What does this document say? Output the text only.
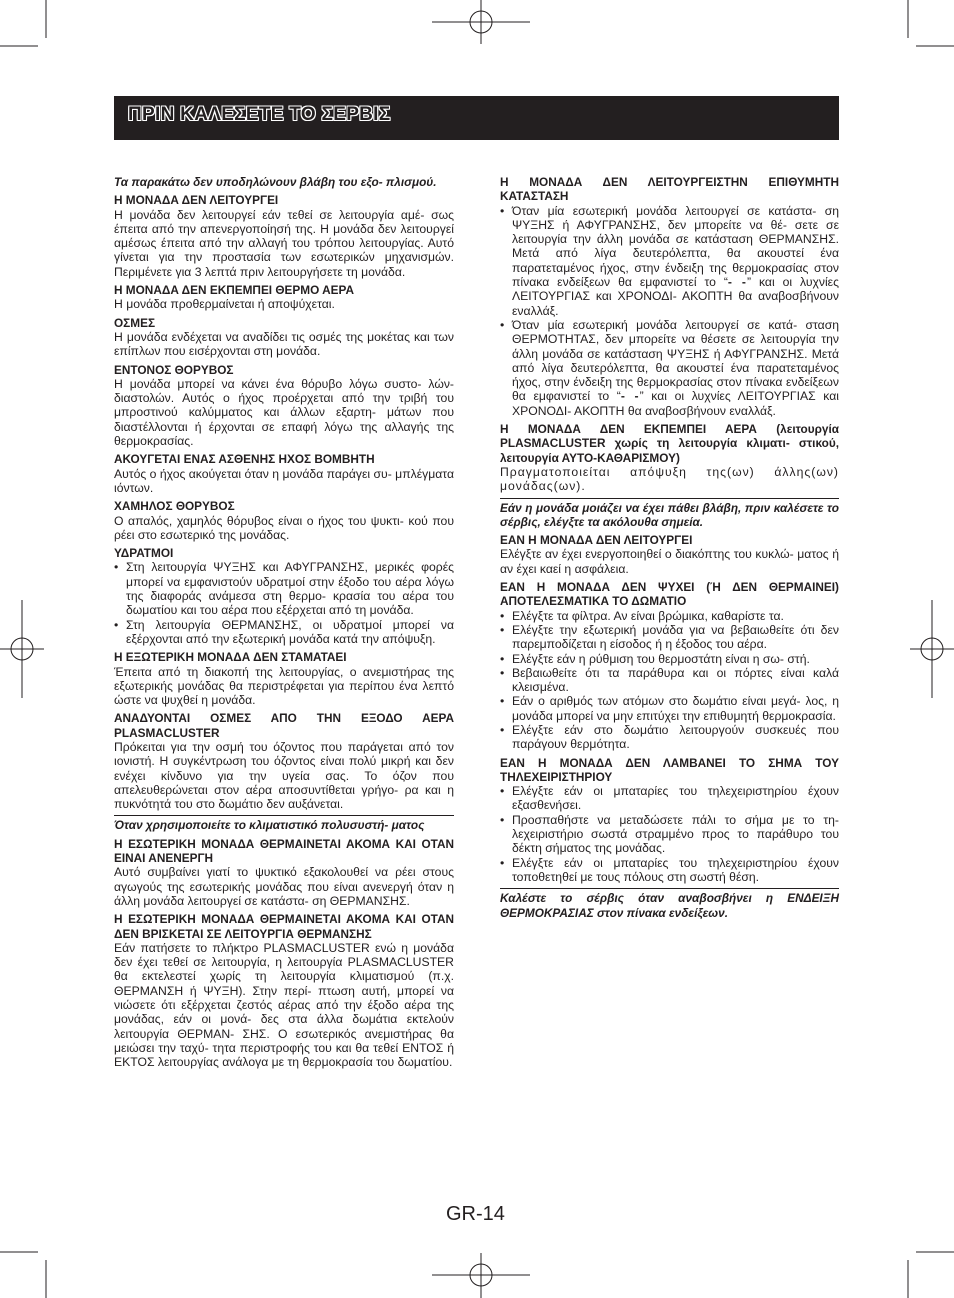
ΠΡΙΝ ΚΑΛΕΣΕΤΕ ΤΟ ΣΕΡΒΙΣ

Τα παρακάτω δεν υποδηλώνουν βλάβη του εξο- πλισμού.

Η ΜΟΝΑΔΑ ΔΕΝ ΛΕΙΤΟΥΡΓΕΙ

Η μονάδα δεν λειτουργεί εάν τεθεί σε λειτουργία αμέ- σως έπειτα από την απενεργοποίησή της. Η μονάδα δεν λειτουργεί αμέσως έπειτα από την αλλαγή του τρόπου λειτουργίας. Αυτό γίνεται για την προστασία των εσωτερικών μηχανισμών. Περιμένετε για 3 λεπτά πριν λειτουργήσετε τη μονάδα.

Η ΜΟΝΑΔΑ ΔΕΝ ΕΚΠΕΜΠΕΙ ΘΕΡΜΟ ΑΕΡΑ

Η μονάδα προθερμαίνεται ή αποψύχεται.

ΟΣΜΕΣ

Η μονάδα ενδέχεται να αναδίδει τις οσμές της μοκέτας και των επίπλων που εισέρχονται στη μονάδα.

ΕΝΤΟΝΟΣ ΘΟΡΥΒΟΣ

Η μονάδα μπορεί να κάνει ένα θόρυβο λόγω συστο- λών-διαστολών. Αυτός ο ήχος προέρχεται από την τριβή του μπροστινού καλύμματος και άλλων εξαρτη- μάτων που διαστέλλονται ή έρχονται σε επαφή λόγω της αλλαγής της θερμοκρασίας.

ΑΚΟΥΓΕΤΑΙ ΕΝΑΣ ΑΣΘΕΝΗΣ ΗΧΟΣ ΒΟΜΒΗΤΗ

Αυτός ο ήχος ακούγεται όταν η μονάδα παράγει συ- μπλέγματα ιόντων.

ΧΑΜΗΛΟΣ ΘΟΡΥΒΟΣ

Ο απαλός, χαμηλός θόρυβος είναι ο ήχος του ψυκτι- κού που ρέει στο εσωτερικό της μονάδας.

ΥΔΡΑΤΜΟΙ

• Στη λειτουργία ΨΥΞΗΣ και ΑΦΥΓΡΑΝΣΗΣ, μερικές φορές μπορεί να εμφανιστούν υδρατμοί στην έξοδο του αέρα λόγω της διαφοράς ανάμεσα στη θερμο- κρασία του αέρα του δωματίου και του αέρα που εξέρχεται από τη μονάδα.
• Στη λειτουργία ΘΕΡΜΑΝΣΗΣ, οι υδρατμοί μπορεί να εξέρχονται από την εξωτερική μονάδα κατά την απόψυξη.

Η ΕΞΩΤΕΡΙΚΗ ΜΟΝΑΔΑ ΔΕΝ ΣΤΑΜΑΤΑΕΙ

Έπειτα από τη διακοπή της λειτουργίας, ο ανεμιστήρας της εξωτερικής μονάδας θα περιστρέφεται για περίπου ένα λεπτό ώστε να ψυχθεί η μονάδα.

ΑΝΑΔΥΟΝΤΑΙ ΟΣΜΕΣ ΑΠΟ ΤΗΝ ΕΞΟΔΟ ΑΕΡΑ PLASMACLUSTER

Πρόκειται για την οσμή του όζοντος που παράγεται από τον ιονιστή. Η συγκέντρωση του όζοντος είναι πολύ μικρή και δεν ενέχει κίνδυνο για την υγεία σας. Το όζον που απελευθερώνεται στον αέρα αποσυντίθεται γρήγο- ρα και η πυκνότητά του στο δωμάτιο δεν αυξάνεται.

Όταν χρησιμοποιείτε το κλιματιστικό πολυσυστή- ματος

Η ΕΣΩΤΕΡΙΚΗ ΜΟΝΑΔΑ ΘΕΡΜΑΙΝΕΤΑΙ ΑΚΟΜΑ ΚΑΙ ΟΤΑΝ ΕΙΝΑΙ ΑΝΕΝΕΡΓΗ

Αυτό συμβαίνει γιατί το ψυκτικό εξακολουθεί να ρέει στους αγωγούς της εσωτερικής μονάδας που είναι ανενεργή όταν η άλλη μονάδα λειτουργεί σε κατάστα- ση ΘΕΡΜΑΝΣΗΣ.

Η ΕΣΩΤΕΡΙΚΗ ΜΟΝΑΔΑ ΘΕΡΜΑΙΝΕΤΑΙ ΑΚΟΜΑ ΚΑΙ ΟΤΑΝ ΔΕΝ ΒΡΙΣΚΕΤΑΙ ΣΕ ΛΕΙΤΟΥΡΓΙΑ ΘΕΡΜΑΝΣΗΣ

Εάν πατήσετε το πλήκτρο PLASMACLUSTER ενώ η μονάδα δεν έχει τεθεί σε λειτουργία, η λειτουργία PLASMACLUSTER θα εκτελεστεί χωρίς τη λειτουργία κλιματισμού (π.χ. ΘΕΡΜΑΝΣΗ ή ΨΥΞΗ). Στην περί- πτωση αυτή, μπορεί να νιώσετε ότι εξέρχεται ζεστός αέρας από την έξοδο αέρα της μονάδας, εάν οι μονά- δες στα άλλα δωμάτια εκτελούν λειτουργία ΘΕΡΜΑΝ- ΣΗΣ. Ο εσωτερικός ανεμιστήρας θα μειώσει την ταχύ- τητα περιστροφής του και θα τεθεί ΕΝΤΟΣ ή ΕΚΤΟΣ λειτουργίας ανάλογα με τη θερμοκρασία του δωματίου.

Η ΜΟΝΑΔΑ ΔΕΝ ΛΕΙΤΟΥΡΓΕΙΣΤΗΝ ΕΠΙΘΥΜΗΤΗ ΚΑΤΑΣΤΑΣΗ

• Όταν μία εσωτερική μονάδα λειτουργεί σε κατάστα- ση ΨΥΞΗΣ ή ΑΦΥΓΡΑΝΣΗΣ, δεν μπορείτε να θέ- σετε σε λειτουργία την άλλη μονάδα σε κατάσταση ΘΕΡΜΑΝΣΗΣ. Μετά από λίγα δευτερόλεπτα, θα ακουστεί ένα παρατεταμένος ήχος, στην ένδειξη της θερμοκρασίας στον πίνακα ενδείξεων θα εμφανιστεί το “- -” και οι λυχνίες ΛΕΙΤΟΥΡΓΙΑΣ και ΧΡΟΝΟΔΙ- ΑΚΟΠΤΗ θα αναβοσβήνουν εναλλάξ.
• Όταν μία εσωτερική μονάδα λειτουργεί σε κατά- σταση ΘΕΡΜΟΤΗΤΑΣ, δεν μπορείτε να θέσετε σε λειτουργία την άλλη μονάδα σε κατάσταση ΨΥΞΗΣ ή ΑΦΥΓΡΑΝΣΗΣ. Μετά από λίγα δευτερόλεπτα, θα ακουστεί ένα παρατεταμένος ήχος, στην ένδειξη της θερμοκρασίας στον πίνακα ενδείξεων θα εμφανιστεί το “- -” και οι λυχνίες ΛΕΙΤΟΥΡΓΙΑΣ και ΧΡΟΝΟΔΙ- ΑΚΟΠΤΗ θα αναβοσβήνουν εναλλάξ.

Η ΜΟΝΑΔΑ ΔΕΝ ΕΚΠΕΜΠΕΙ ΑΕΡΑ (λειτουργία PLASMACLUSTER χωρίς τη λειτουργία κλιματι- στικού, λειτουργία ΑΥΤΟ-ΚΑΘΑΡΙΣΜΟΥ)

Πραγματοποιείται απόψυξη της(ων) άλλης(ων) μονάδας(ων).

Εάν η μονάδα μοιάζει να έχει πάθει βλάβη, πριν καλέσετε το σέρβις, ελέγξτε τα ακόλουθα σημεία.

ΕΑΝ Η ΜΟΝΑΔΑ ΔΕΝ ΛΕΙΤΟΥΡΓΕΙ

Ελέγξτε αν έχει ενεργοποιηθεί ο διακόπτης του κυκλώ- ματος ή αν έχει καεί η ασφάλεια.

ΕΑΝ Η ΜΟΝΑΔΑ ΔΕΝ ΨΥΧΕΙ (Ή ΔΕΝ ΘΕΡΜΑΙΝΕΙ) ΑΠΟΤΕΛΕΣΜΑΤΙΚΑ ΤΟ ΔΩΜΑΤΙΟ

• Ελέγξτε τα φίλτρα. Αν είναι βρώμικα, καθαρίστε τα.
• Ελέγξτε την εξωτερική μονάδα για να βεβαιωθείτε ότι δεν παρεμποδίζεται η είσοδος ή η έξοδος του αέρα.
• Ελέγξτε εάν η ρύθμιση του θερμοστάτη είναι η σω- στή.
• Βεβαιωθείτε ότι τα παράθυρα και οι πόρτες είναι καλά κλεισμένα.
• Εάν ο αριθμός των ατόμων στο δωμάτιο είναι μεγά- λος, η μονάδα μπορεί να μην επιτύχει την επιθυμητή θερμοκρασία.
• Ελέγξτε εάν στο δωμάτιο λειτουργούν συσκευές που παράγουν θερμότητα.

ΕΑΝ Η ΜΟΝΑΔΑ ΔΕΝ ΛΑΜΒΑΝΕΙ ΤΟ ΣΗΜΑ ΤΟΥ ΤΗΛΕΧΕΙΡΙΣΤΗΡΙΟΥ

• Ελέγξτε εάν οι μπαταρίες του τηλεχειριστηρίου έχουν εξασθενήσει.
• Προσπαθήστε να μεταδώσετε πάλι το σήμα με το τη- λεχειριστήριο σωστά στραμμένο προς το παράθυρο του δέκτη σήματος της μονάδας.
• Ελέγξτε εάν οι μπαταρίες του τηλεχειριστηρίου έχουν τοποθετηθεί με τους πόλους στη σωστή θέση.

Καλέστε το σέρβις όταν αναβοσβήνει η ΕΝΔΕΙΞΗ ΘΕΡΜΟΚΡΑΣΙΑΣ στον πίνακα ενδείξεων.

GR-14
